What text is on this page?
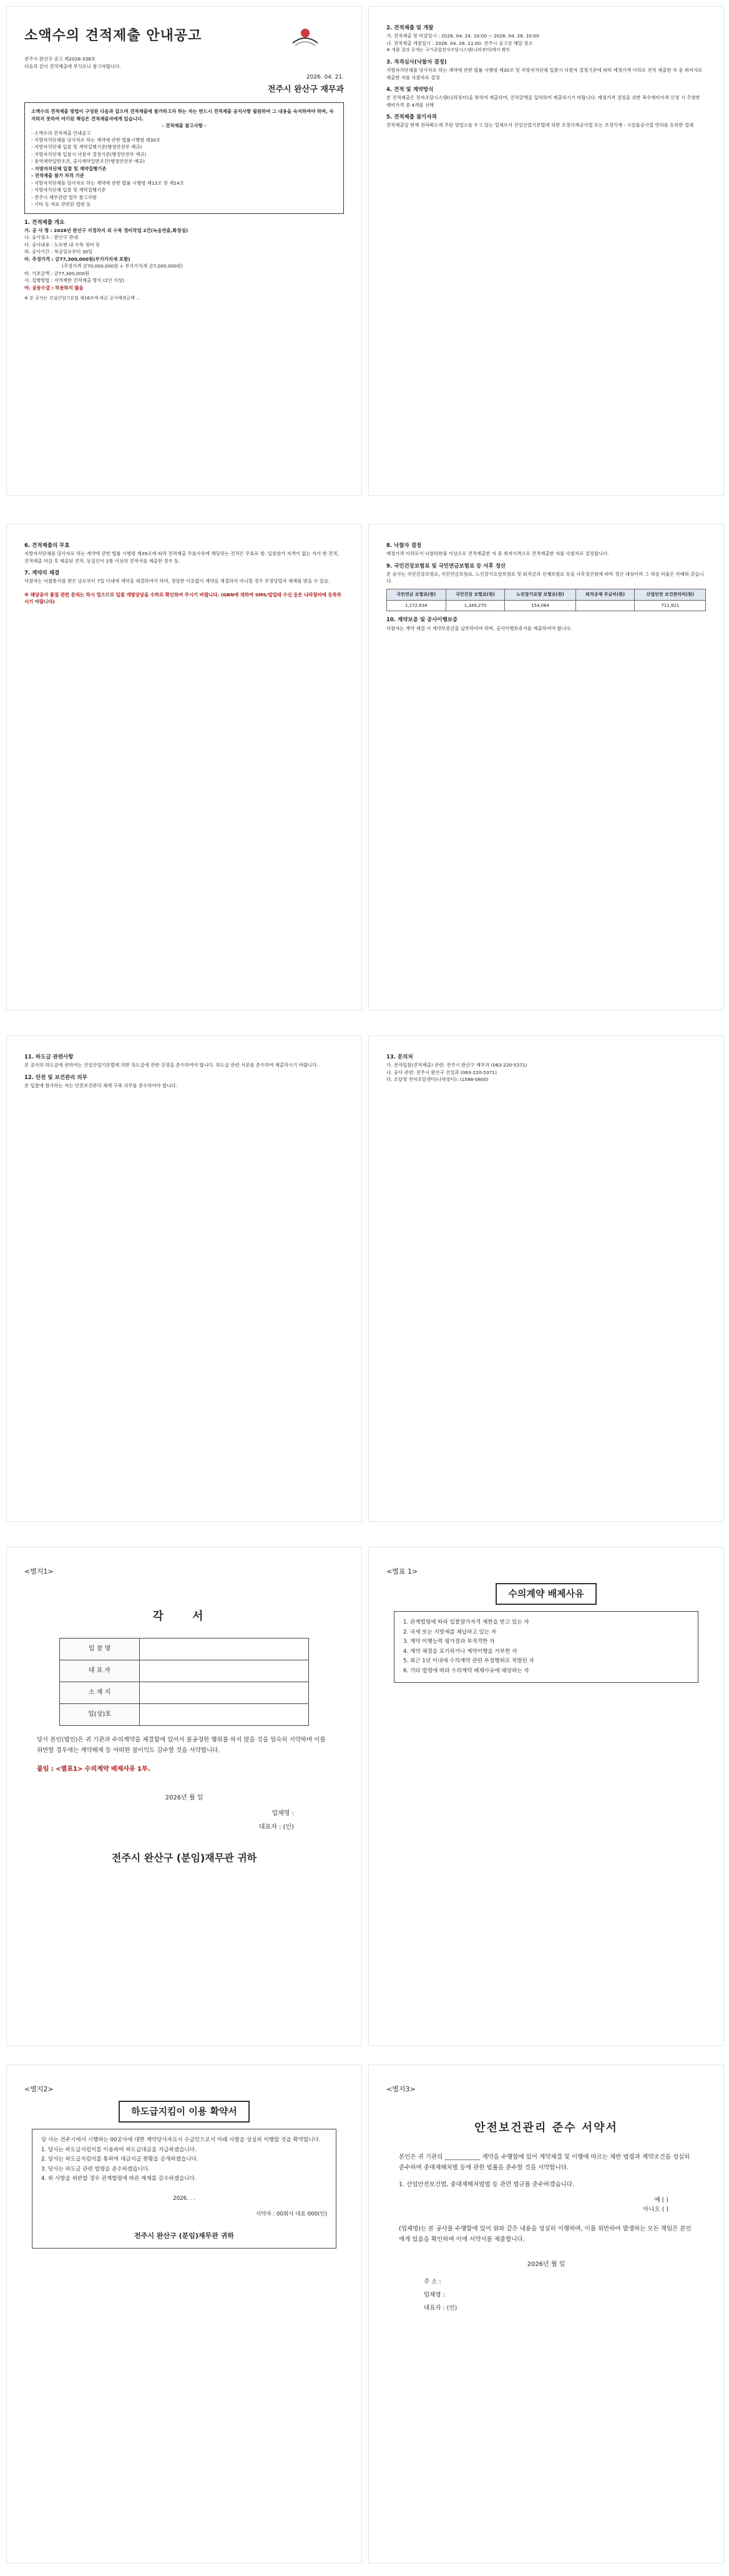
소액수의 견적제출 안내공고
전주시 완산구 공고 제2026-338호
다음과 같이 견적제출에 부치오니 참고바랍니다.
2026. 04. 21.
전주시 완산구 재무과
소액수의 견적제출 방법이 구성된 다음과 같으며 견적제출에 참가하고자 하는 자는 반드시 견적제출 공지사항 필원하여 그 내용을 숙지하여야 하며, 숙지하지 못하여 야기된 책임은 견적제출자에게 있습니다.
- 견적제출 참고사항 -
- 소액수의 견적제출 안내공고
- 지방자치단체를 당사자로 하는 계약에 관한 법률시행령 제30조
- 지방자치단체 입찰 및 계약집행기준(행정안전부 예규)
- 지방자치단체 입찰시 낙찰자 결정기준(행정안전부 예규)
- 용역계약일반조건, 공사계약일반조건(행정안전부 예규)
- 지방자치단체 입찰 및 계약집행기준
- 견적제출 참가 자격 기준
- 지방자치단체를 당사자로 하는 계약에 관한 법률 시행령 제13조 및 제14조
- 지방자치단체 입찰 및 계약집행기준
- 전주시 재무관련 업무 참고사항
- 기타 등 자료 관련된 법령 등
1. 견적제출 개요
가. 공 사 명 : 2026년 완산구 지정차지 외 수목 정비작업 2건(녹음연출,화장실)
나. 공사장소 : 완산구 관내
다. 공사내용 : 도로변 내 수목 정비 등
라. 공사기간 : 착공일로부터 30일
마. 추정가격 : 금77,300,000원(부가가치세 포함)
(추정가격 금70,000,000원 + 부가가치세 금7,000,000원)
바. 기초금액 : 금77,300,000원
사. 집행방법 : 지역제한 견적제출 방식 (2인 이상)
아. 공동수급 : 허용하지 않음
※ 본 공사는 건설산업기본법 제16조에 따른 공사예정금액 ...
2. 견적제출 및 개찰
가. 견적제출 및 마감일시 : 2026. 04. 24. 10:00 ~ 2026. 04. 28. 10:00
나. 견적제출 개찰일시 : 2026. 04. 28. 11:00. 전주시 공고상 해당 장소
※ 개찰 결과 공개는 국가종합전자조달시스템(나라장터)에서 확인
3. 적격심사(낙찰자 결정)
지방자치단체를 당사자로 하는 계약에 관한 법률 시행령 제30조 및 지방자치단체 입찰시 낙찰자 결정기준에 따라 예정가격 이하로 견적 제출한 자 중 최저가로 제출한 자를 낙찰자로 결정
4. 견적 및 계약방식
본 견적제출은 전자조달시스템(나라장터)을 통하여 제출하며, 견적금액을 입력하여 제출하시기 바랍니다. 예정가격 결정을 위한 복수예비가격 산정 시 추첨한 예비가격 중 4개를 선택
5. 견적제출 참가자격
견적제출일 현재 전라북도에 주된 영업소를 두고 있는 업체로서 건설산업기본법에 의한 조경식재공사업 또는 조경식재ㆍ시설물공사업 면허를 등록한 업체
6. 견적제출의 무효
지방자치단체를 당사자로 하는 계약에 관한 법률 시행령 제39조에 따라 견적제출 무효사유에 해당하는 견적은 무효로 함. 입찰참가 자격이 없는 자가 한 견적, 견적제출 마감 후 제출된 견적, 동일인이 2통 이상의 견적서를 제출한 경우 등.
7. 계약의 체결
낙찰자는 낙찰통지를 받은 날로부터 7일 이내에 계약을 체결하여야 하며, 정당한 이유없이 계약을 체결하지 아니할 경우 부정당업자 제재를 받을 수 있음.
※ 해당공사 품질 관련 문의는 하시 업으므로 입찰 개방담당을 수하로 확인하여 주시기 바랍니다. (GBN에 의하여 SMS/업업데 수신 등은 나라장터에 등록하시기 바랍니다)
8. 낙찰자 결정
예정가격 이하로서 낙찰하한율 이상으로 견적제출한 자 중 최저가격으로 견적제출한 자를 낙찰자로 결정합니다.
9. 국민건강보험료 및 국민연금보험료 등 사후 정산
본 공사는 국민건강보험료, 국민연금보험료, 노인장기요양보험료 및 퇴직금과 산재보험료 등을 사후정산함에 따라 정산 대상이며 그 대상 비율은 아래와 같습니다.
국민연금 보험료(원)	국민건강 보험료(원)	노인장기요양 보험료(원)	퇴직공제 부금비(원)	산업안전 보건관리비(원)
1,172,634	1,349,270	154,064		711,921
10. 계약보증 및 공사이행보증
낙찰자는 계약 체결 시 계약보증금을 납부하여야 하며, 공사이행보증서를 제출하여야 합니다.
11. 하도급 관련사항
본 공사의 하도급에 관하여는 건설산업기본법에 의한 하도급에 관한 규정을 준수하여야 합니다. 하도급 관련 서류를 준수하여 제출하시기 바랍니다.
12. 안전 및 보건관리 의무
본 입찰에 참가하는 자는 안전보건관리 체계 구축 의무를 준수하여야 합니다.
13. 문의처
가. 전자입찰(견적제출) 관련: 전주시 완산구 재무과 (063-220-5371)
나. 공사 관련: 전주시 완산구 건설과 (063-220-5371)
다. 조달청 전자조달센터(나라장터): (1588-0800)
<별지1>
각 서
입 찰 명	
대 표 자	
소 재 지	
업(상)호	

당사 본인(법인)은 귀 기관과 수의계약을 체결함에 있어서 불공정한 행위를 하지 않을 것을 엄숙히 서약하며 이를 위반할 경우에는 계약해제 등 어떠한 불이익도 감수할 것을 서약합니다.

붙임 : <별표1> 수의계약 배제사유 1부.
2026년 월 일
업체명 :
대표자 : (인)
전주시 완산구 (분임)재무관 귀하
<별표 1>
수의계약 배제사유
1. 관계법령에 따라 입찰참가자격 제한을 받고 있는 자
2. 국세 또는 지방세를 체납하고 있는 자
3. 계약 이행능력 평가결과 부적격한 자
4. 계약 체결을 포기하거나 계약이행을 거부한 자
5. 최근 1년 이내에 수의계약 관련 부정행위로 적발된 자
6. 기타 법령에 따라 수의계약 배제사유에 해당하는 자
<별지2>
하도급지킴이 이용 확약서
당 사는 전주시에서 시행하는 00공사에 대한 계약당사자로서 수급인으로서 아래 사항을 성실히 이행할 것을 확약합니다.
1. 당사는 하도급지킴이를 이용하여 하도급대금을 지급하겠습니다.
2. 당사는 하도급지킴이를 통하여 대금지급 현황을 공개하겠습니다.
3. 당사는 하도급 관련 법령을 준수하겠습니다.
4. 위 사항을 위반할 경우 관계법령에 따른 제재를 감수하겠습니다.
2026. . .
서약자 : 00회사 대표 000(인)
전주시 완산구 (분임)재무관 귀하
<별지3>
안전보건관리 준수 서약서

본인은 귀 기관의 ____________ 계약을 수행함에 있어 계약체결 및 이행에 따르는 제반 법령과 계약조건을 성실히 준수하며 중대재해처벌 등에 관한 법률을 준수할 것을 서약합니다.

1. 산업안전보건법, 중대재해처벌법 등 관련 법규를 준수하겠습니다.

예 ( )
아니오 ( )

(업체명)는 본 공사를 수행함에 있어 위와 같은 내용을 성실히 이행하며, 이를 위반하여 발생하는 모든 책임은 본인에게 있음을 확인하며 이에 서약서를 제출합니다.

2026년 월 일
주 소 :
업체명 :
대표자 : (인)
